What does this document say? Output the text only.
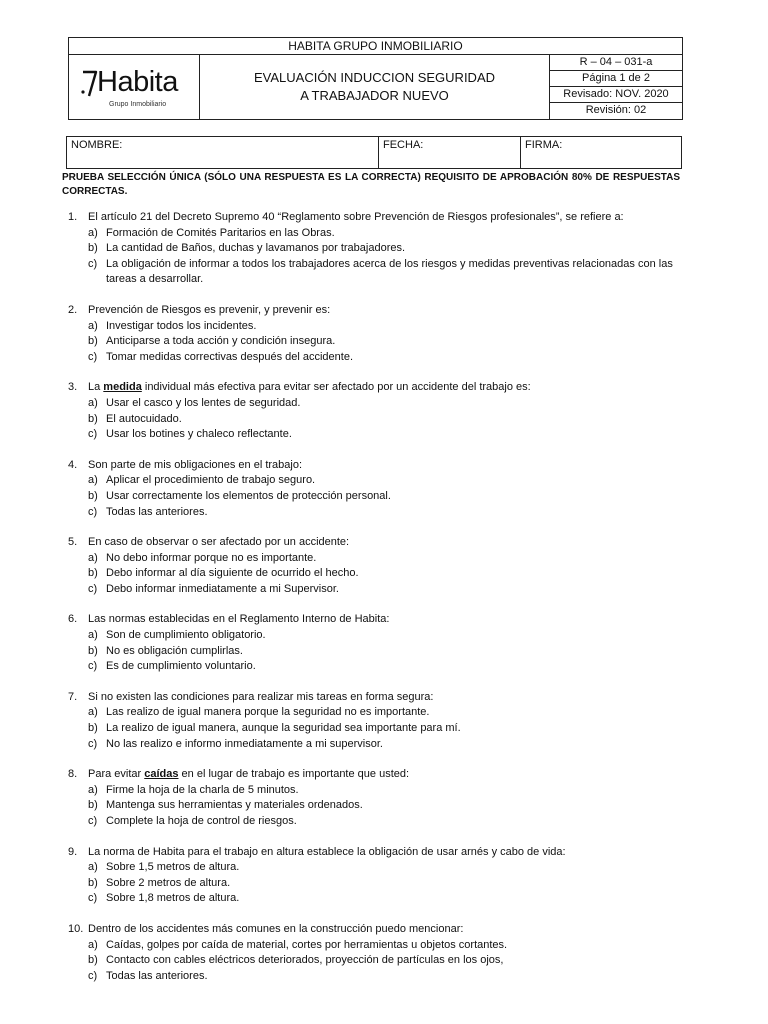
HABITA GRUPO INMOBILIARIO
Habita
Grupo Inmobiliario
EVALUACIÓN INDUCCION SEGURIDAD
A TRABAJADOR NUEVO
R – 04 – 031-a
Página 1 de 2
Revisado: NOV. 2020
Revisión: 02
NOMBRE:	FECHA:	FIRMA:
PRUEBA SELECCIÓN ÚNICA (SÓLO UNA RESPUESTA ES LA CORRECTA) REQUISITO DE APROBACIÓN 80% DE RESPUESTAS CORRECTAS.
1. El artículo 21 del Decreto Supremo 40 “Reglamento sobre Prevención de Riesgos profesionales”, se refiere a:
a) Formación de Comités Paritarios en las Obras.
b) La cantidad de Baños, duchas y lavamanos por trabajadores.
c) La obligación de informar a todos los trabajadores acerca de los riesgos y medidas preventivas relacionadas con las tareas a desarrollar.
2. Prevención de Riesgos es prevenir, y prevenir es:
a) Investigar todos los incidentes.
b) Anticiparse a toda acción y condición insegura.
c) Tomar medidas correctivas después del accidente.
3. La medida individual más efectiva para evitar ser afectado por un accidente del trabajo es:
a) Usar el casco y los lentes de seguridad.
b) El autocuidado.
c) Usar los botines y chaleco reflectante.
4. Son parte de mis obligaciones en el trabajo:
a) Aplicar el procedimiento de trabajo seguro.
b) Usar correctamente los elementos de protección personal.
c) Todas las anteriores.
5. En caso de observar o ser afectado por un accidente:
a) No debo informar porque no es importante.
b) Debo informar al día siguiente de ocurrido el hecho.
c) Debo informar inmediatamente a mi Supervisor.
6. Las normas establecidas en el Reglamento Interno de Habita:
a) Son de cumplimiento obligatorio.
b) No es obligación cumplirlas.
c) Es de cumplimiento voluntario.
7. Si no existen las condiciones para realizar mis tareas en forma segura:
a) Las realizo de igual manera porque la seguridad no es importante.
b) La realizo de igual manera, aunque la seguridad sea importante para mí.
c) No las realizo e informo inmediatamente a mi supervisor.
8. Para evitar caídas en el lugar de trabajo es importante que usted:
a) Firme la hoja de la charla de 5 minutos.
b) Mantenga sus herramientas y materiales ordenados.
c) Complete la hoja de control de riesgos.
9. La norma de Habita para el trabajo en altura establece la obligación de usar arnés y cabo de vida:
a) Sobre 1,5 metros de altura.
b) Sobre 2 metros de altura.
c) Sobre 1,8 metros de altura.
10. Dentro de los accidentes más comunes en la construcción puedo mencionar:
a) Caídas, golpes por caída de material, cortes por herramientas u objetos cortantes.
b) Contacto con cables eléctricos deteriorados, proyección de partículas en los ojos,
c) Todas las anteriores.
